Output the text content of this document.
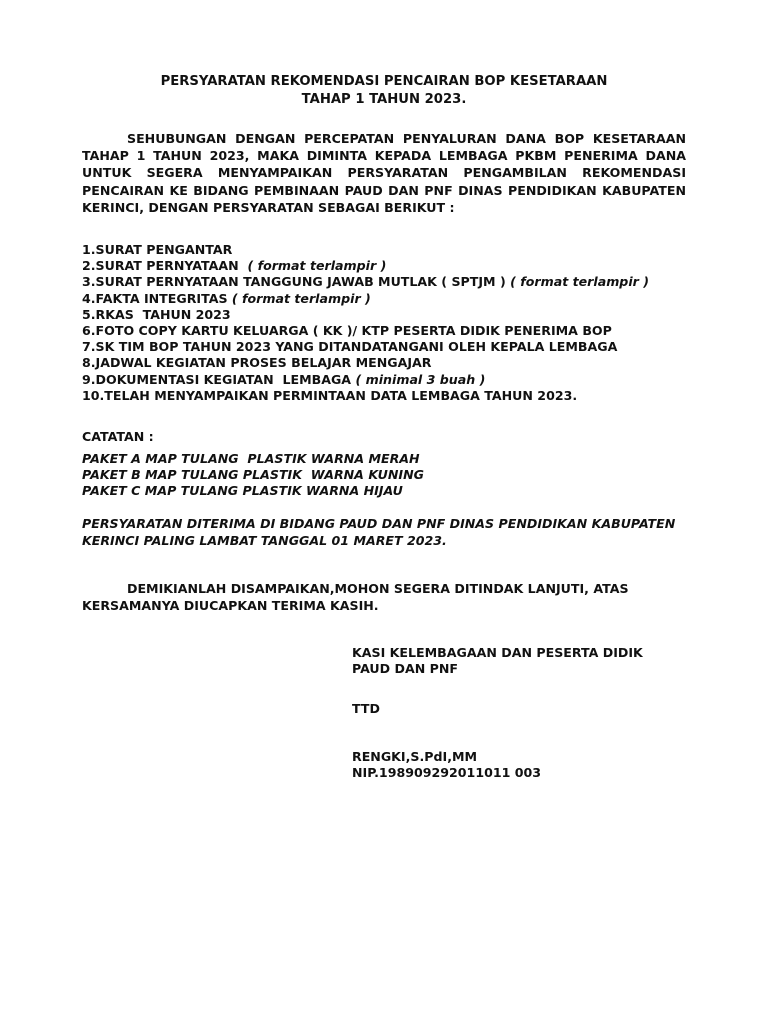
PERSYARATAN REKOMENDASI PENCAIRAN BOP KESETARAAN
TAHAP 1 TAHUN 2023.
SEHUBUNGAN DENGAN PERCEPATAN PENYALURAN DANA BOP KESETARAAN TAHAP 1 TAHUN 2023, MAKA DIMINTA KEPADA LEMBAGA PKBM PENERIMA DANA UNTUK SEGERA MENYAMPAIKAN PERSYARATAN PENGAMBILAN REKOMENDASI PENCAIRAN KE BIDANG PEMBINAAN PAUD DAN PNF DINAS PENDIDIKAN KABUPATEN KERINCI, DENGAN PERSYARATAN SEBAGAI BERIKUT :
1.SURAT PENGANTAR
2.SURAT PERNYATAAN  ( format terlampir )
3.SURAT PERNYATAAN TANGGUNG JAWAB MUTLAK ( SPTJM ) ( format terlampir )
4.FAKTA INTEGRITAS ( format terlampir )
5.RKAS  TAHUN 2023
6.FOTO COPY KARTU KELUARGA ( KK )/ KTP PESERTA DIDIK PENERIMA BOP
7.SK TIM BOP TAHUN 2023 YANG DITANDATANGANI OLEH KEPALA LEMBAGA
8.JADWAL KEGIATAN PROSES BELAJAR MENGAJAR
9.DOKUMENTASI KEGIATAN  LEMBAGA ( minimal 3 buah )
10.TELAH MENYAMPAIKAN PERMINTAAN DATA LEMBAGA TAHUN 2023.
CATATAN :
PAKET A MAP TULANG  PLASTIK WARNA MERAH
PAKET B MAP TULANG PLASTIK  WARNA KUNING
PAKET C MAP TULANG PLASTIK WARNA HIJAU
PERSYARATAN DITERIMA DI BIDANG PAUD DAN PNF DINAS PENDIDIKAN KABUPATEN KERINCI PALING LAMBAT TANGGAL 01 MARET 2023.
DEMIKIANLAH DISAMPAIKAN,MOHON SEGERA DITINDAK LANJUTI, ATAS KERSAMANYA DIUCAPKAN TERIMA KASIH.
KASI KELEMBAGAAN DAN PESERTA DIDIK
PAUD DAN PNF
TTD
RENGKI,S.PdI,MM
NIP.198909292011011 003
